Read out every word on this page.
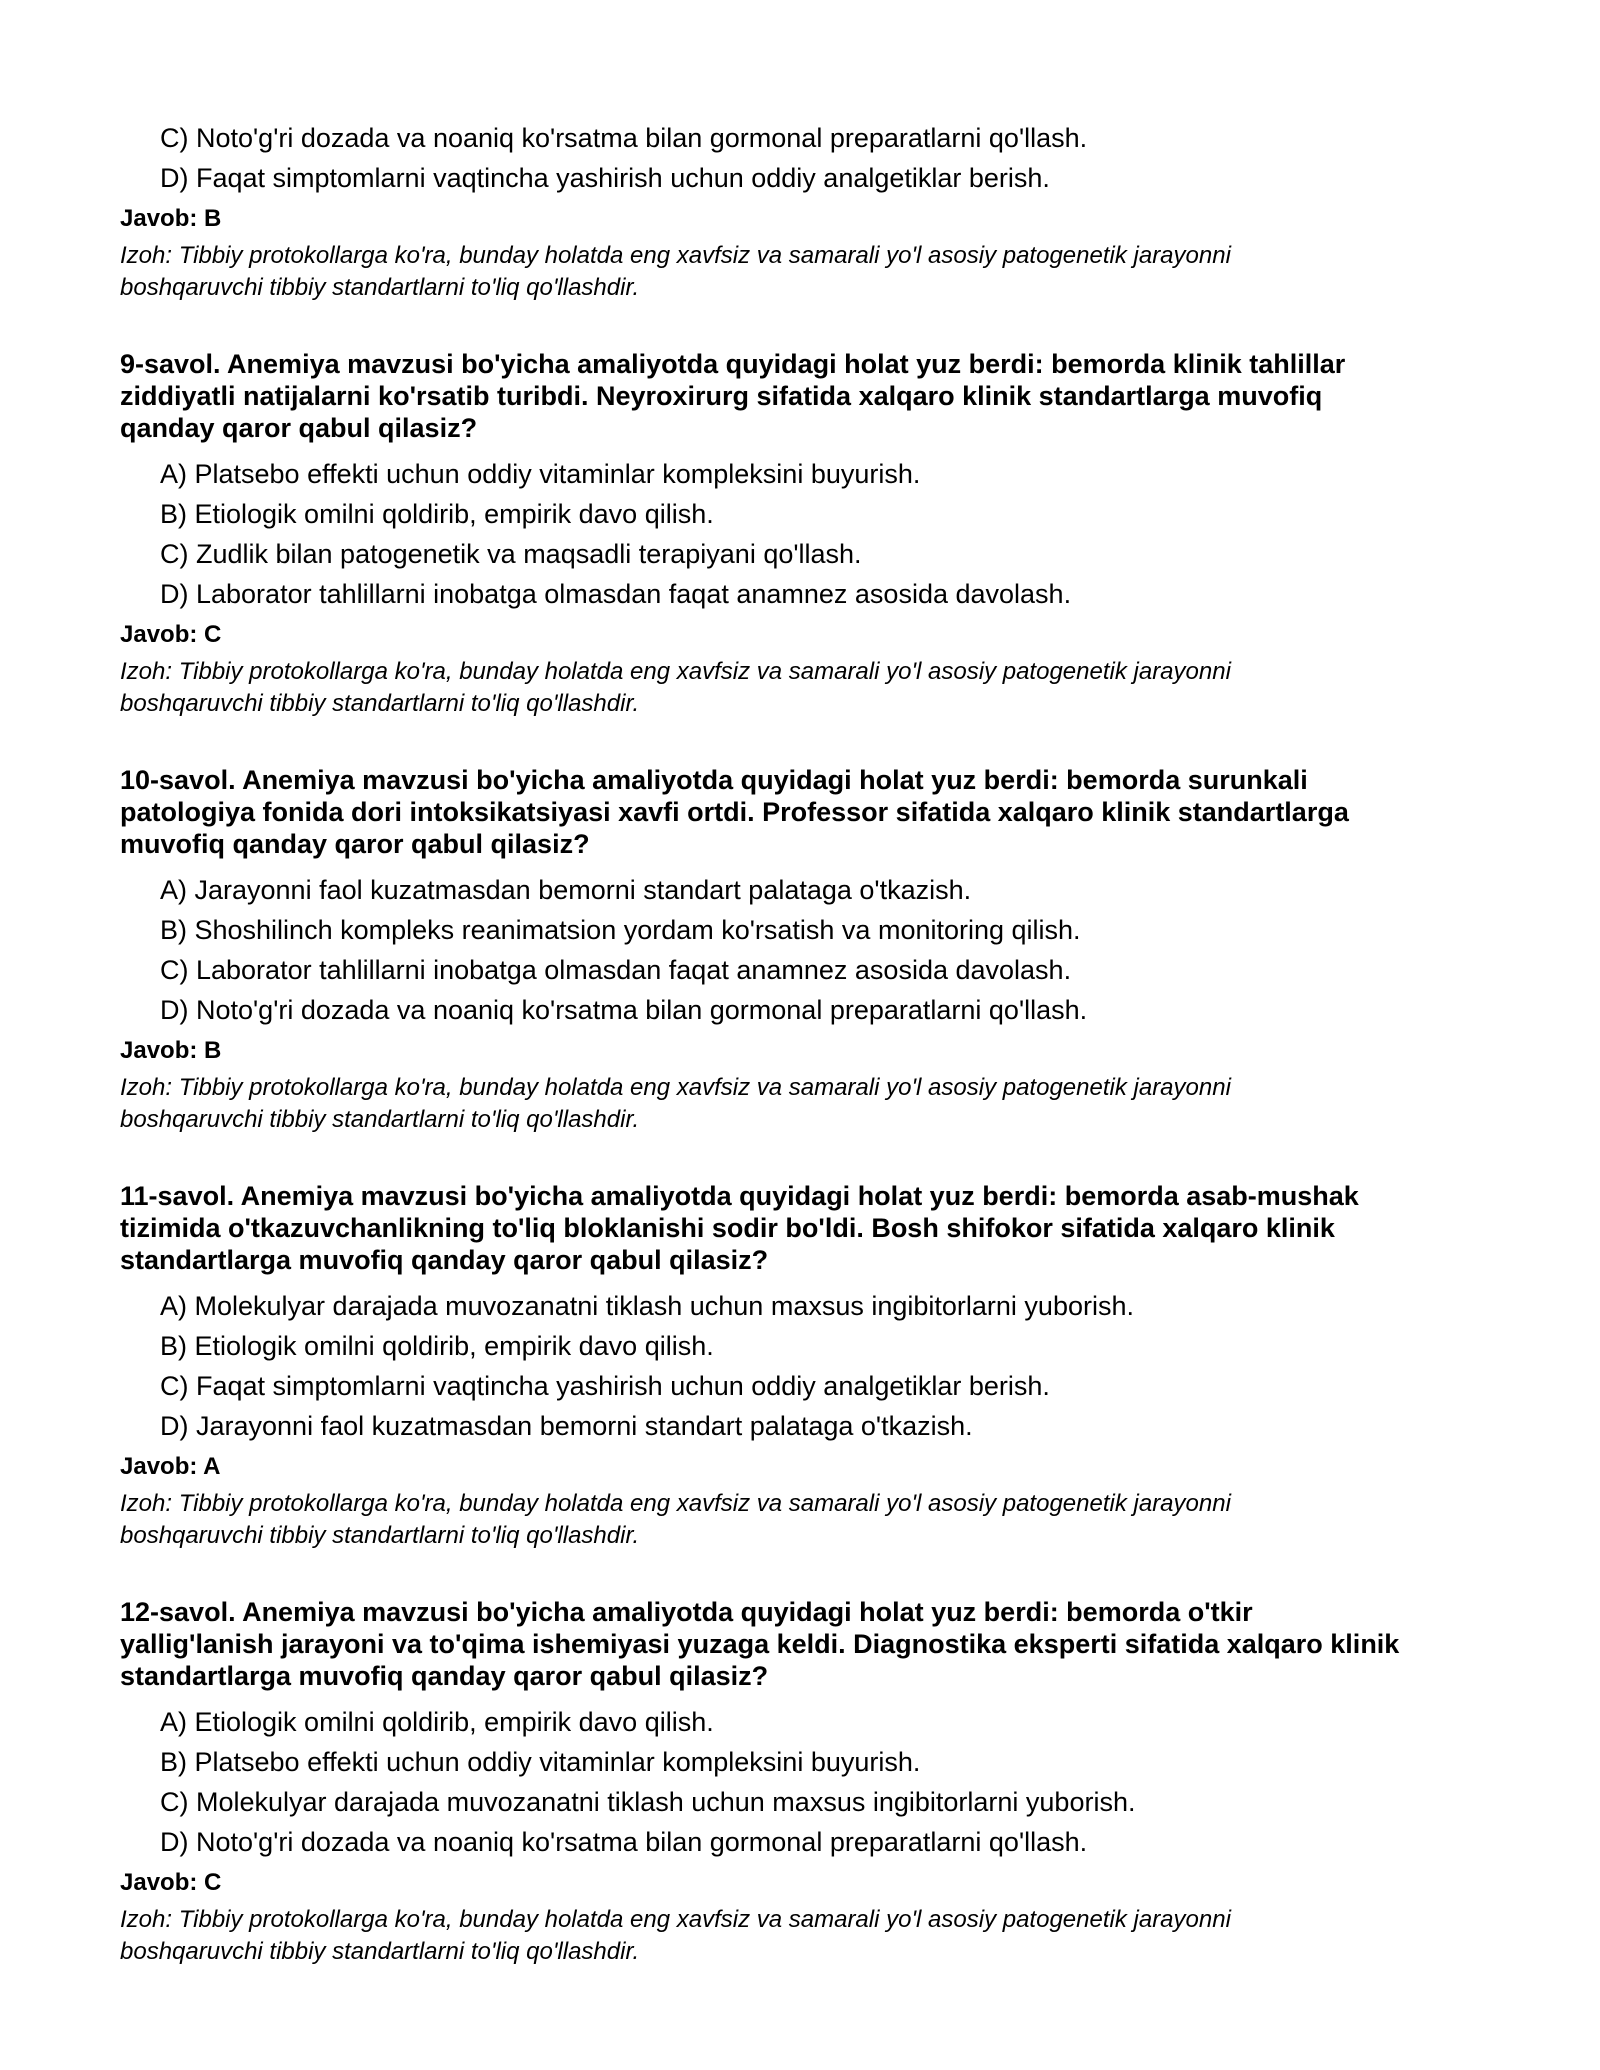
C) Noto'g'ri dozada va noaniq ko'rsatma bilan gormonal preparatlarni qo'llash.
D) Faqat simptomlarni vaqtincha yashirish uchun oddiy analgetiklar berish.
Javob: B
Izoh: Tibbiy protokollarga ko'ra, bunday holatda eng xavfsiz va samarali yo'l asosiy patogenetik jarayonni
boshqaruvchi tibbiy standartlarni to'liq qo'llashdir.
9-savol. Anemiya mavzusi bo'yicha amaliyotda quyidagi holat yuz berdi: bemorda klinik tahlillar
ziddiyatli natijalarni ko'rsatib turibdi. Neyroxirurg sifatida xalqaro klinik standartlarga muvofiq
qanday qaror qabul qilasiz?
A) Platsebo effekti uchun oddiy vitaminlar kompleksini buyurish.
B) Etiologik omilni qoldirib, empirik davo qilish.
C) Zudlik bilan patogenetik va maqsadli terapiyani qo'llash.
D) Laborator tahlillarni inobatga olmasdan faqat anamnez asosida davolash.
Javob: C
Izoh: Tibbiy protokollarga ko'ra, bunday holatda eng xavfsiz va samarali yo'l asosiy patogenetik jarayonni
boshqaruvchi tibbiy standartlarni to'liq qo'llashdir.
10-savol. Anemiya mavzusi bo'yicha amaliyotda quyidagi holat yuz berdi: bemorda surunkali
patologiya fonida dori intoksikatsiyasi xavfi ortdi. Professor sifatida xalqaro klinik standartlarga
muvofiq qanday qaror qabul qilasiz?
A) Jarayonni faol kuzatmasdan bemorni standart palataga o'tkazish.
B) Shoshilinch kompleks reanimatsion yordam ko'rsatish va monitoring qilish.
C) Laborator tahlillarni inobatga olmasdan faqat anamnez asosida davolash.
D) Noto'g'ri dozada va noaniq ko'rsatma bilan gormonal preparatlarni qo'llash.
Javob: B
Izoh: Tibbiy protokollarga ko'ra, bunday holatda eng xavfsiz va samarali yo'l asosiy patogenetik jarayonni
boshqaruvchi tibbiy standartlarni to'liq qo'llashdir.
11-savol. Anemiya mavzusi bo'yicha amaliyotda quyidagi holat yuz berdi: bemorda asab-mushak
tizimida o'tkazuvchanlikning to'liq bloklanishi sodir bo'ldi. Bosh shifokor sifatida xalqaro klinik
standartlarga muvofiq qanday qaror qabul qilasiz?
A) Molekulyar darajada muvozanatni tiklash uchun maxsus ingibitorlarni yuborish.
B) Etiologik omilni qoldirib, empirik davo qilish.
C) Faqat simptomlarni vaqtincha yashirish uchun oddiy analgetiklar berish.
D) Jarayonni faol kuzatmasdan bemorni standart palataga o'tkazish.
Javob: A
Izoh: Tibbiy protokollarga ko'ra, bunday holatda eng xavfsiz va samarali yo'l asosiy patogenetik jarayonni
boshqaruvchi tibbiy standartlarni to'liq qo'llashdir.
12-savol. Anemiya mavzusi bo'yicha amaliyotda quyidagi holat yuz berdi: bemorda o'tkir
yallig'lanish jarayoni va to'qima ishemiyasi yuzaga keldi. Diagnostika eksperti sifatida xalqaro klinik
standartlarga muvofiq qanday qaror qabul qilasiz?
A) Etiologik omilni qoldirib, empirik davo qilish.
B) Platsebo effekti uchun oddiy vitaminlar kompleksini buyurish.
C) Molekulyar darajada muvozanatni tiklash uchun maxsus ingibitorlarni yuborish.
D) Noto'g'ri dozada va noaniq ko'rsatma bilan gormonal preparatlarni qo'llash.
Javob: C
Izoh: Tibbiy protokollarga ko'ra, bunday holatda eng xavfsiz va samarali yo'l asosiy patogenetik jarayonni
boshqaruvchi tibbiy standartlarni to'liq qo'llashdir.
